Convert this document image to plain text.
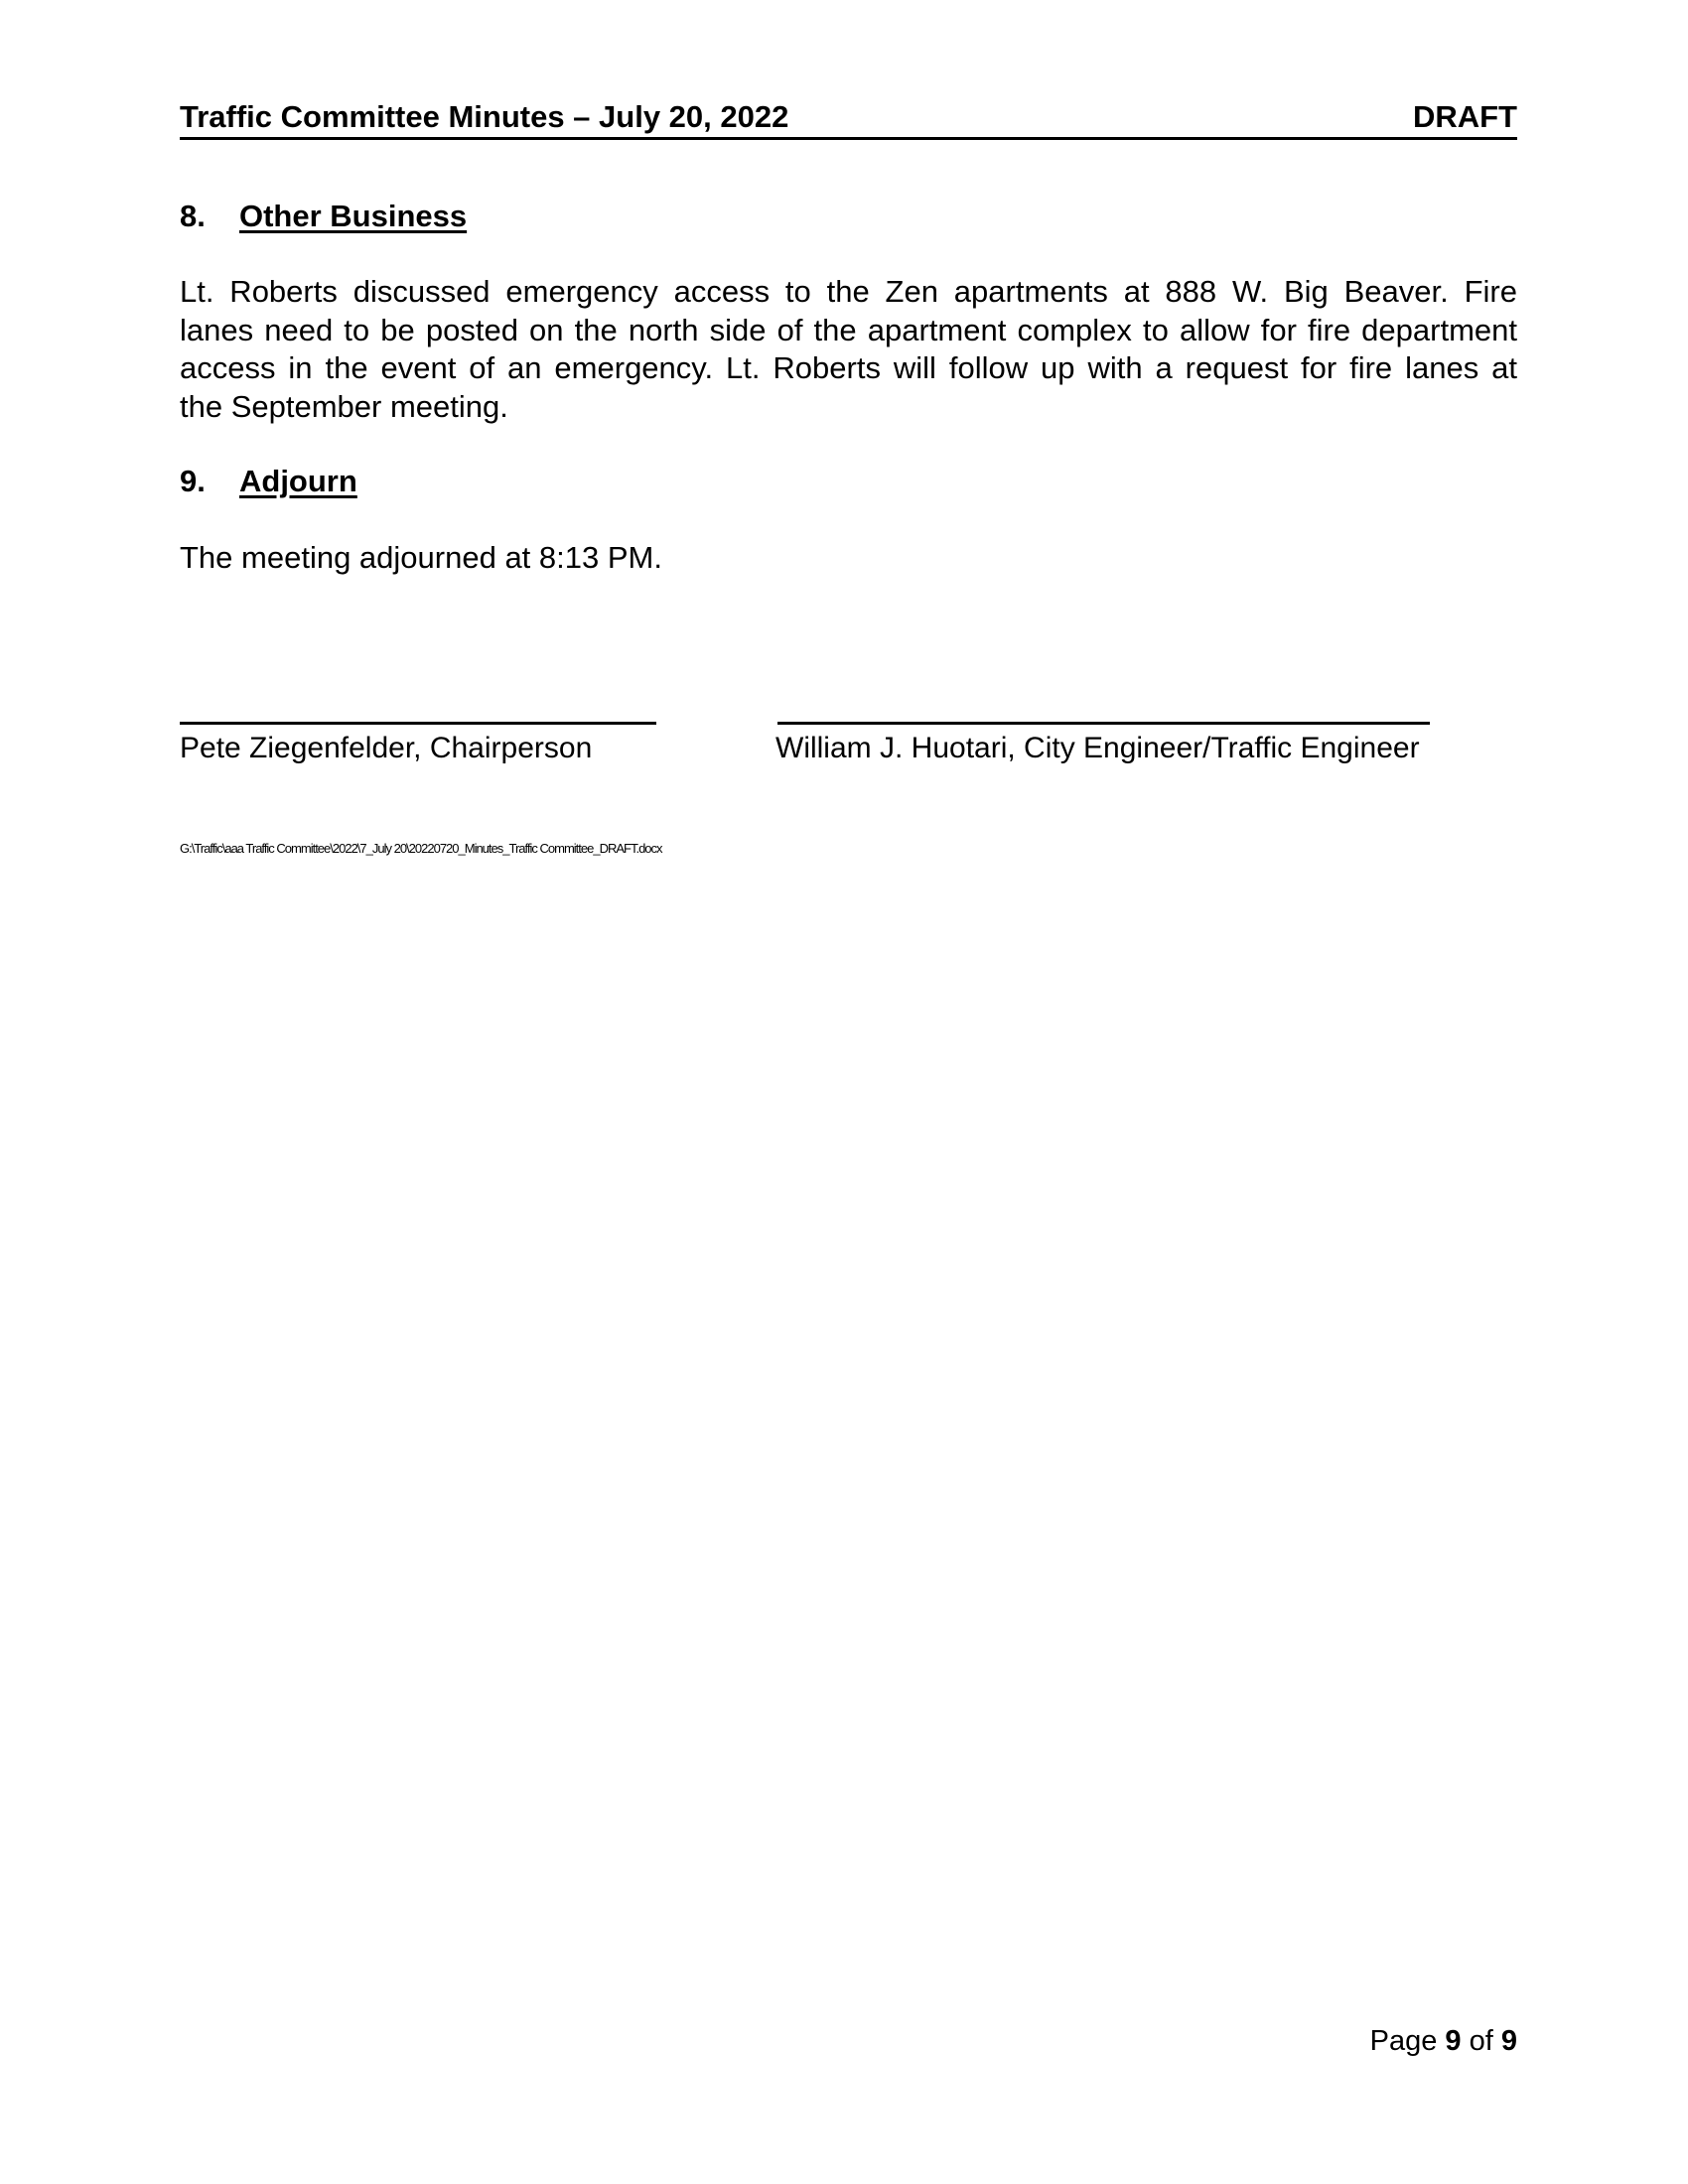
Traffic Committee Minutes – July 20, 2022	DRAFT
8. Other Business
Lt. Roberts discussed emergency access to the Zen apartments at 888 W. Big Beaver. Fire
lanes need to be posted on the north side of the apartment complex to allow for fire department
access in the event of an emergency. Lt. Roberts will follow up with a request for fire lanes at
the September meeting.
9. Adjourn
The meeting adjourned at 8:13 PM.
Pete Ziegenfelder, Chairperson	William J. Huotari, City Engineer/Traffic Engineer
G:\Traffic\aaa Traffic Committee\2022\7_July 20\20220720_Minutes_Traffic Committee_DRAFT.docx
Page 9 of 9
